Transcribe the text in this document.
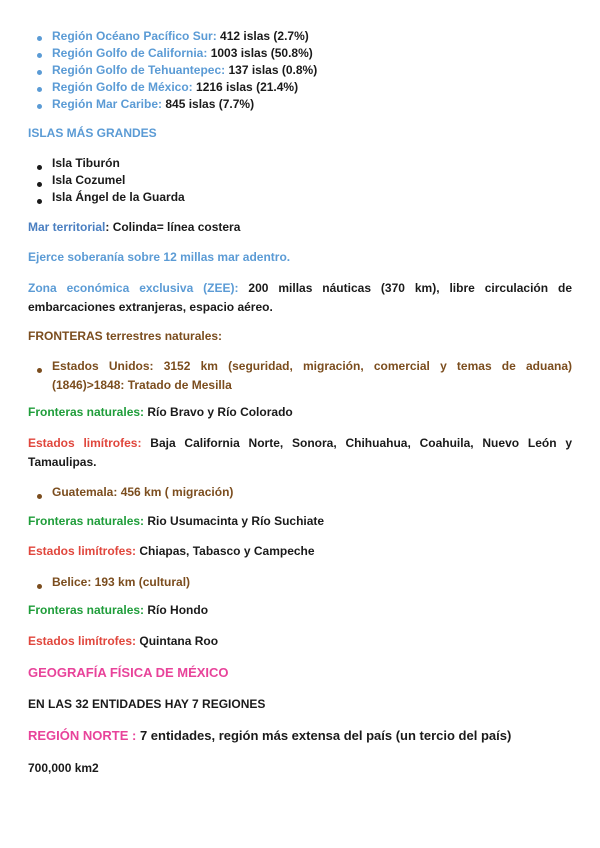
Región Océano Pacífico Sur: 412 islas (2.7%)
Región Golfo de California: 1003 islas (50.8%)
Región Golfo de Tehuantepec: 137 islas (0.8%)
Región Golfo de México: 1216 islas (21.4%)
Región Mar Caribe: 845 islas (7.7%)
ISLAS MÁS GRANDES
Isla Tiburón
Isla Cozumel
Isla Ángel de la Guarda
Mar territorial: Colinda= línea costera
Ejerce soberanía sobre 12 millas mar adentro.
Zona económica exclusiva (ZEE): 200 millas náuticas (370 km), libre circulación de embarcaciones extranjeras, espacio aéreo.
FRONTERAS terrestres naturales:
Estados Unidos: 3152 km (seguridad, migración, comercial y temas de aduana) (1846)>1848: Tratado de Mesilla
Fronteras naturales: Río Bravo y Río Colorado
Estados limítrofes: Baja California Norte, Sonora, Chihuahua, Coahuila, Nuevo León y Tamaulipas.
Guatemala: 456 km ( migración)
Fronteras naturales: Rio Usumacinta y Río Suchiate
Estados limítrofes: Chiapas, Tabasco y Campeche
Belice: 193 km (cultural)
Fronteras naturales: Río Hondo
Estados limítrofes: Quintana Roo
GEOGRAFÍA FÍSICA DE MÉXICO
EN LAS 32 ENTIDADES HAY 7 REGIONES
REGIÓN NORTE : 7 entidades, región más extensa del país (un tercio del país)
700,000 km2
